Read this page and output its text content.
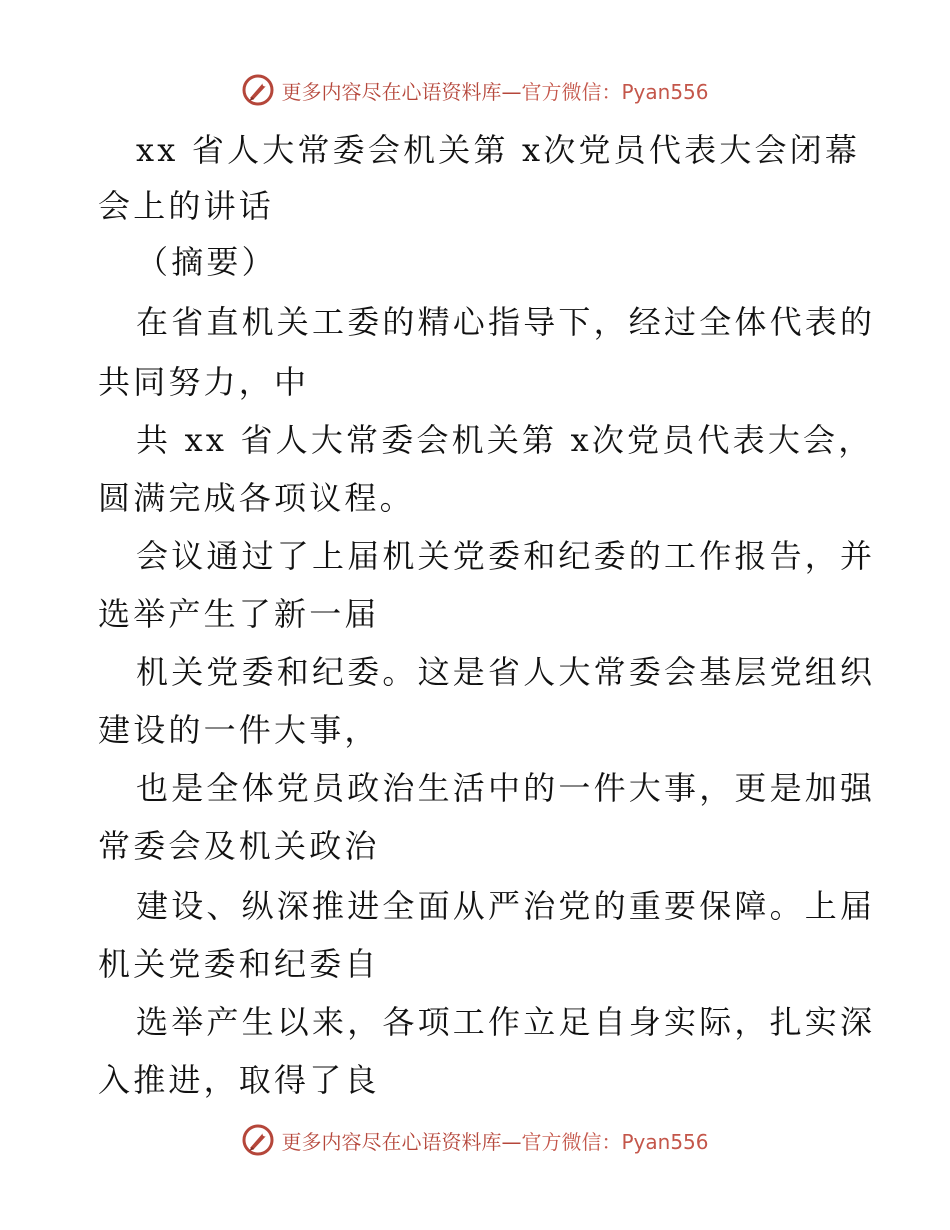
更多内容尽在心语资料库—官方微信：Pyan556
xx 省人大常委会机关第 x次党员代表大会闭幕
会上的讲话
（摘要）
在省直机关工委的精心指导下，经过全体代表的
共同努力，中
共 xx 省人大常委会机关第 x次党员代表大会，
圆满完成各项议程。
会议通过了上届机关党委和纪委的工作报告，并
选举产生了新一届
机关党委和纪委。这是省人大常委会基层党组织
建设的一件大事，
也是全体党员政治生活中的一件大事，更是加强
常委会及机关政治
建设、纵深推进全面从严治党的重要保障。上届
机关党委和纪委自
选举产生以来，各项工作立足自身实际，扎实深
入推进，取得了良
更多内容尽在心语资料库—官方微信：Pyan556
